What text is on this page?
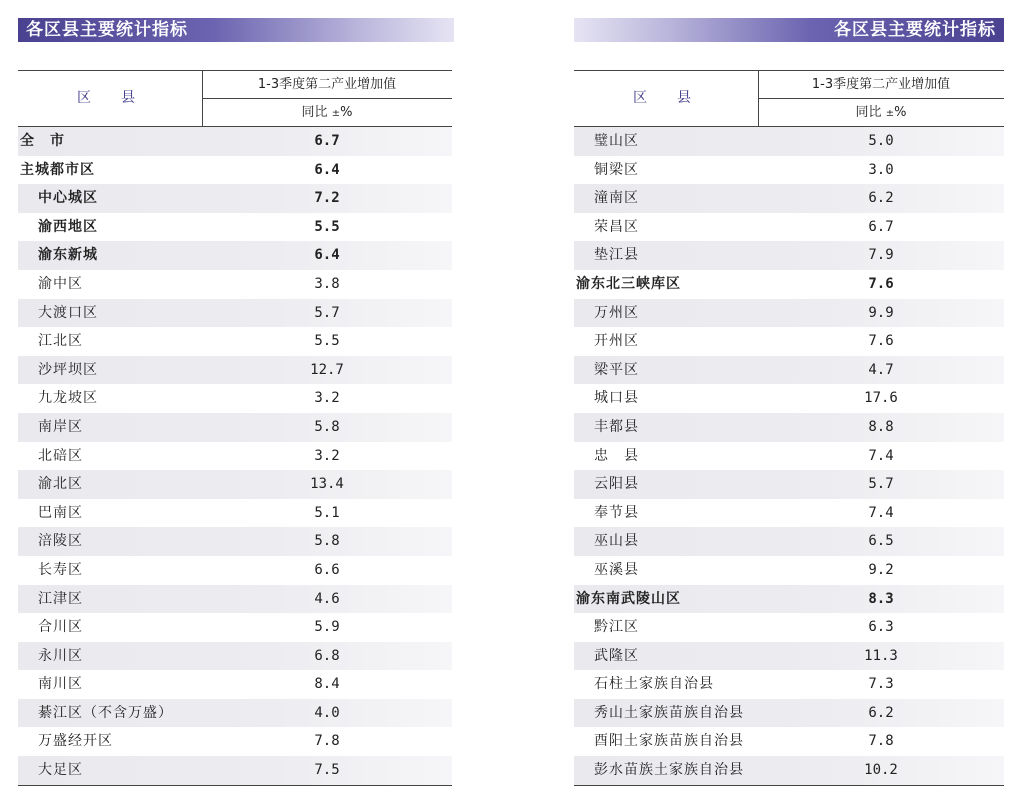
各区县主要统计指标
区　县
1-3季度第二产业增加值
同比 ±%
全　市	6.7
主城都市区	6.4
中心城区	7.2
渝西地区	5.5
渝东新城	6.4
渝中区	3.8
大渡口区	5.7
江北区	5.5
沙坪坝区	12.7
九龙坡区	3.2
南岸区	5.8
北碚区	3.2
渝北区	13.4
巴南区	5.1
涪陵区	5.8
长寿区	6.6
江津区	4.6
合川区	5.9
永川区	6.8
南川区	8.4
綦江区（不含万盛）	4.0
万盛经开区	7.8
大足区	7.5
各区县主要统计指标
区　县
1-3季度第二产业增加值
同比 ±%
璧山区	5.0
铜梁区	3.0
潼南区	6.2
荣昌区	6.7
垫江县	7.9
渝东北三峡库区	7.6
万州区	9.9
开州区	7.6
梁平区	4.7
城口县	17.6
丰都县	8.8
忠　县	7.4
云阳县	5.7
奉节县	7.4
巫山县	6.5
巫溪县	9.2
渝东南武陵山区	8.3
黔江区	6.3
武隆区	11.3
石柱土家族自治县	7.3
秀山土家族苗族自治县	6.2
酉阳土家族苗族自治县	7.8
彭水苗族土家族自治县	10.2
